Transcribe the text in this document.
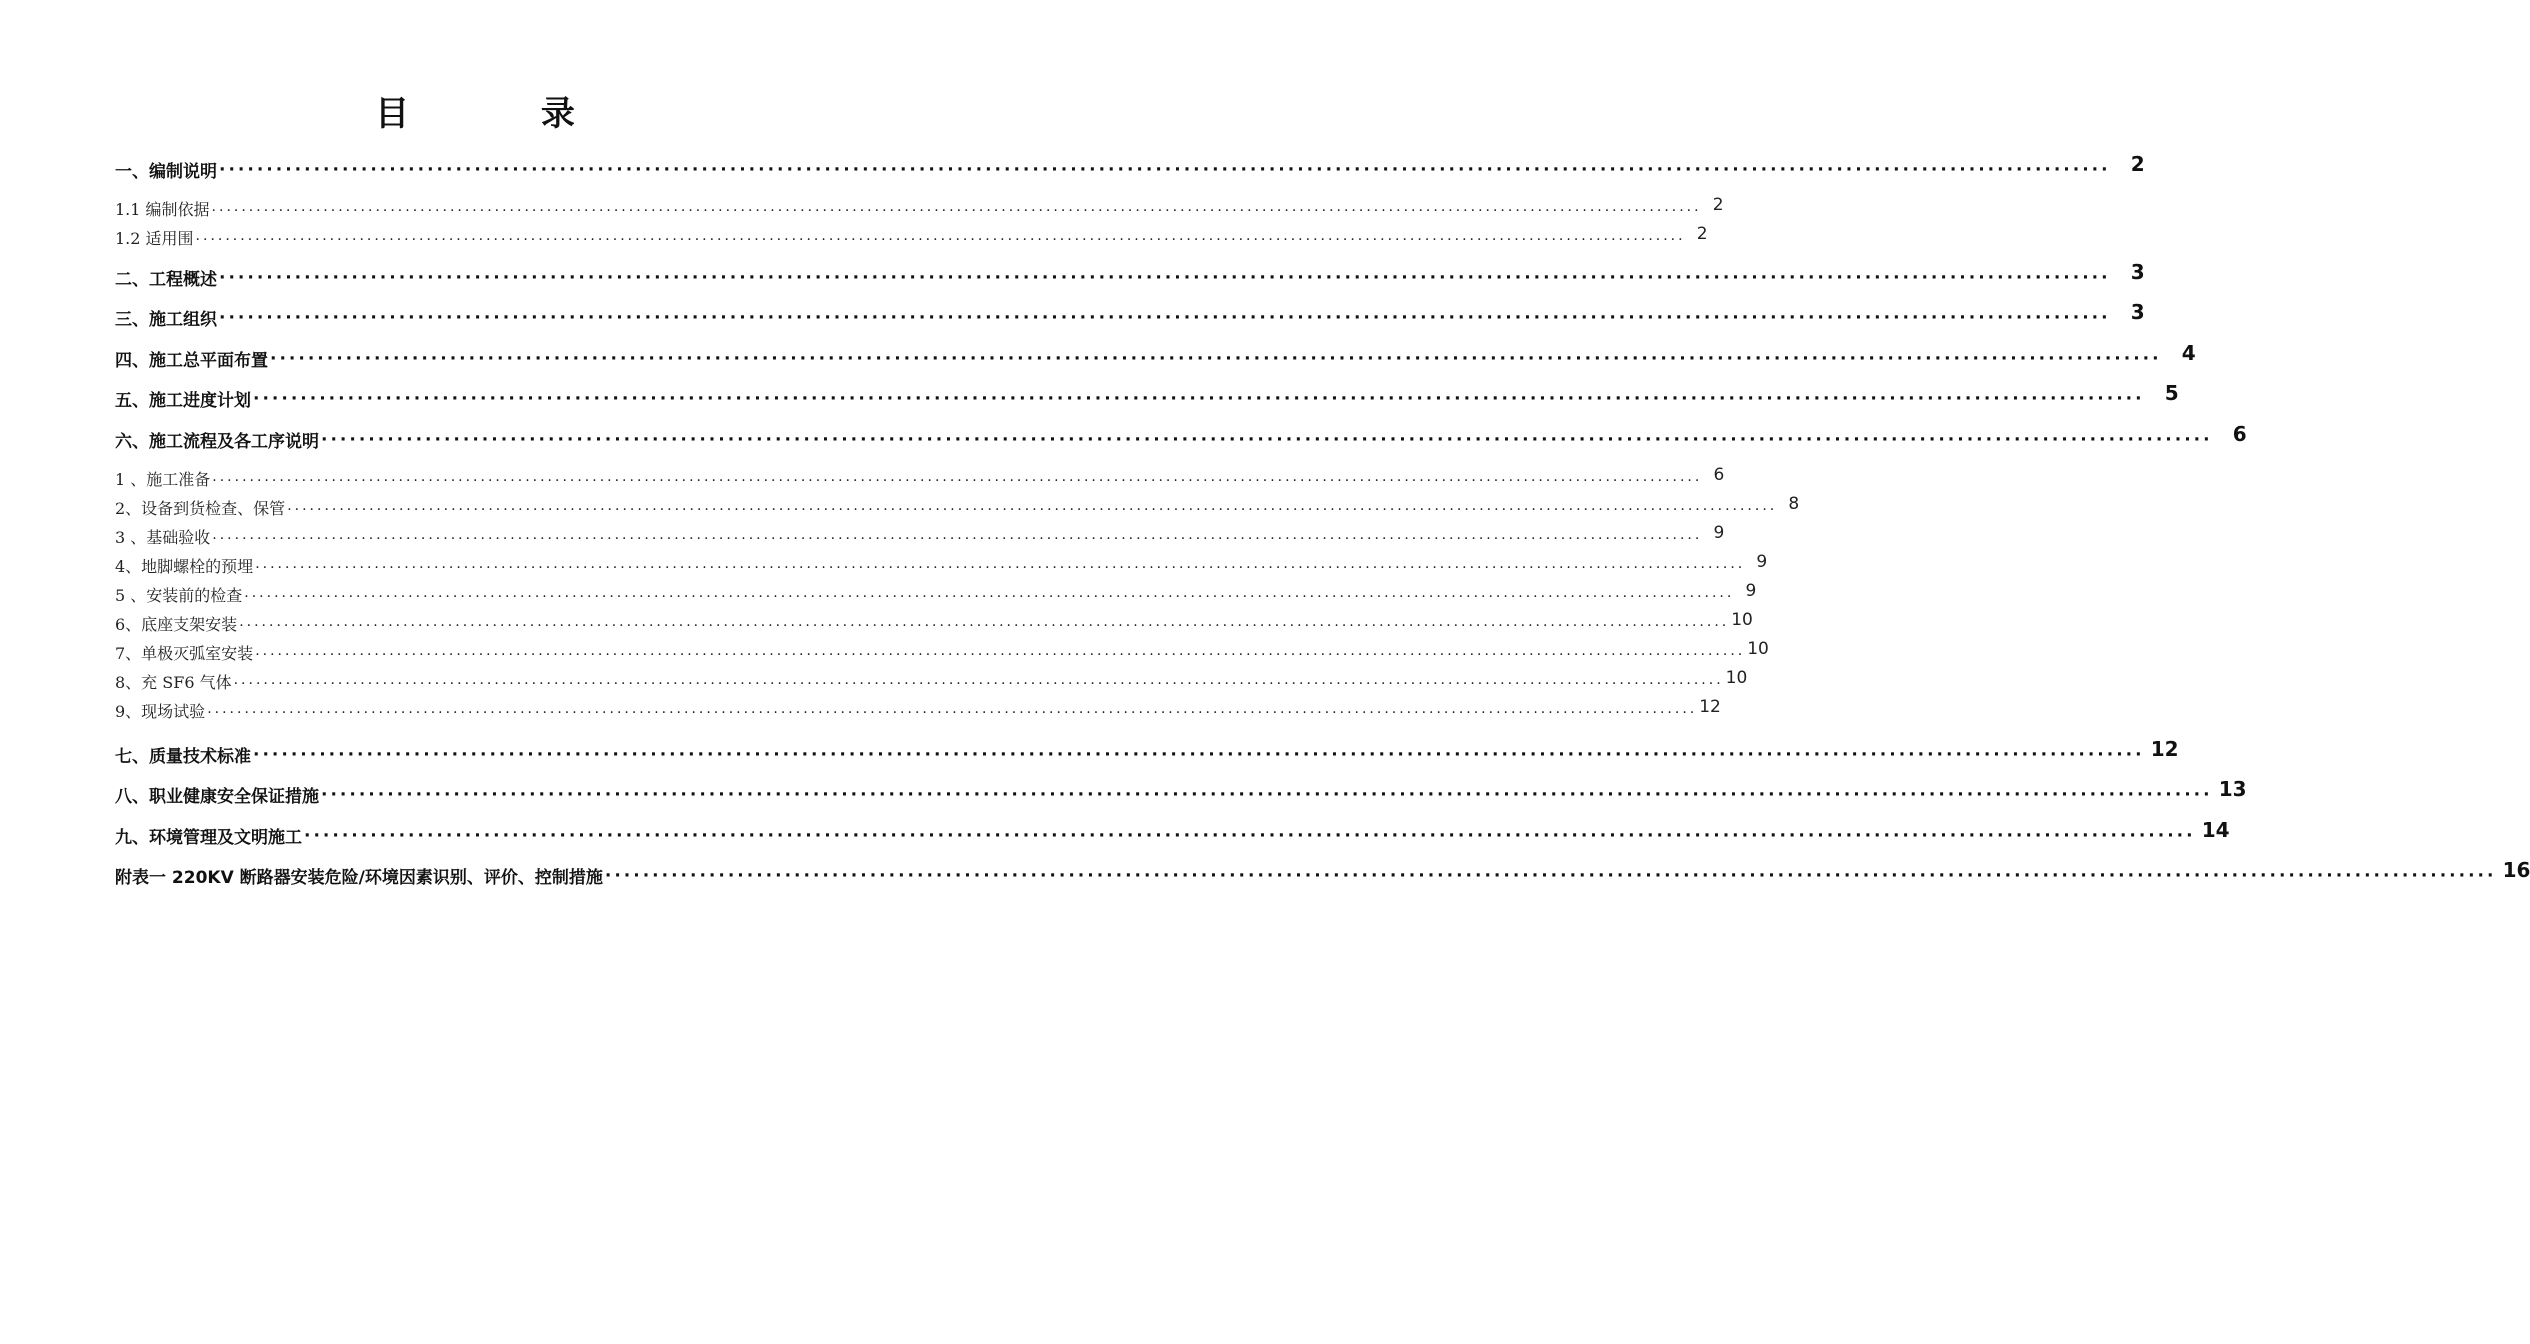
目 录
一、编制说明 ········································································································································································································	2
1.1 编制依据 ········································································································································································································ 2
1.2 适用围 ········································································································································································································ 2
二、工程概述 ········································································································································································································	3
三、施工组织 ········································································································································································································	3
四、施工总平面布置 ········································································································································································································	4
五、施工进度计划 ········································································································································································································	5
六、施工流程及各工序说明 ········································································································································································································	6
1 、施工准备 ········································································································································································································ 6
2、设备到货检查、保管 ········································································································································································································ 8
3 、基础验收 ········································································································································································································ 9
4、地脚螺栓的预埋 ········································································································································································································ 9
5 、安装前的检查 ········································································································································································································ 9
6、底座支架安装 ········································································································································································································ 10
7、单极灭弧室安装 ········································································································································································································ 10
8、充 SF6 气体 ········································································································································································································ 10
9、现场试验 ········································································································································································································ 12
七、质量技术标准 ········································································································································································································ 12
八、职业健康安全保证措施 ········································································································································································································ 13
九、环境管理及文明施工 ········································································································································································································ 14
附表一 220KV 断路器安装危险/环境因素识别、评价、控制措施 ········································································································································································································ 16
